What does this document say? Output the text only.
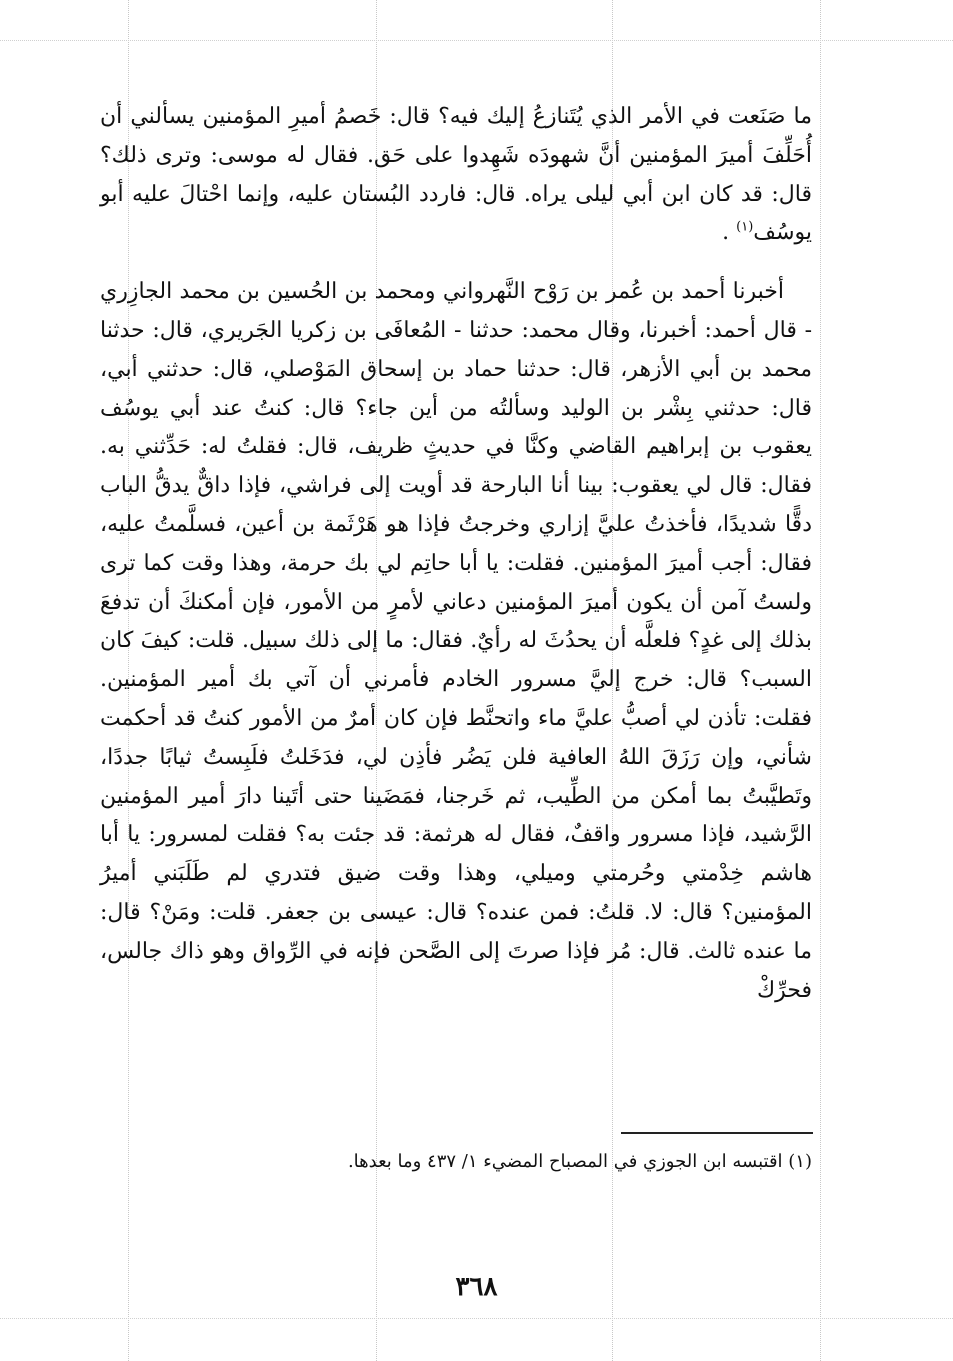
ما صَنَعت في الأمر الذي يُتَنازعُ إليك فيه؟ قال: خَصمُ أميرِ المؤمنين يسألني أن أُحَلِّفَ أميرَ المؤمنين أنَّ شهودَه شَهِدوا على حَق. فقال له موسى: وترى ذلك؟ قال: قد كان ابن أبي ليلى يراه. قال: فاردد البُستان عليه، وإنما احْتالَ عليه أبو يوسُف$^{(١)}$ .

أخبرنا أحمد بن عُمر بن رَوْح النَّهرواني ومحمد بن الحُسين بن محمد الجازِري - قال أحمد: أخبرنا، وقال محمد: حدثنا - المُعافَى بن زكريا الجَريري، قال: حدثنا محمد بن أبي الأزهر، قال: حدثنا حماد بن إسحاق المَوْصلي، قال: حدثني أبي، قال: حدثني بِشْر بن الوليد وسألتُه من أين جاء؟ قال: كنتُ عند أبي يوسُف يعقوب بن إبراهيم القاضي وكنَّا في حديثٍ ظريف، قال: فقلتُ له: حَدِّثني به. فقال: قال لي يعقوب: بينا أنا البارحة قد أويت إلى فراشي، فإذا داقٌّ يدقُّ الباب دقًّا شديدًا، فأخذتُ عليَّ إزاري وخرجتُ فإذا هو هَرْثَمة بن أعين، فسلَّمتُ عليه، فقال: أجب أميرَ المؤمنين. فقلت: يا أبا حاتِم لي بك حرمة، وهذا وقت كما ترى ولستُ آمن أن يكون أميرَ المؤمنين دعاني لأمرٍ من الأمور، فإن أمكنكَ أن تدفعَ بذلك إلى غدٍ؟ فلعلَّه أن يحدُثَ له رأيٌ. فقال: ما إلى ذلك سبيل. قلت: كيفَ كان السبب؟ قال: خرج إليَّ مسرور الخادم فأمرني أن آتي بك أمير المؤمنين. فقلت: تأذن لي أصبُّ عليَّ ماء واتحنَّط فإن كان أمرٌ من الأمور كنتُ قد أحكمت شأني، وإن رَزَقَ اللهُ العافية فلن يَضُر فأذِن لي، فدَخَلتُ فلَبِستُ ثيابًا جددًا، وتَطيَّبتُ بما أمكن من الطِّيب، ثم خَرجنا، فمَضَينا حتى أتَينا دارَ أمير المؤمنين الرَّشيد، فإذا مسرور واقفٌ، فقال له هرثمة: قد جئت به؟ فقلت لمسرور: يا أبا هاشم خِدْمتي وحُرمتي وميلي، وهذا وقت ضيق فتدري لم طَلَبَني أميرُ المؤمنين؟ قال: لا. قلتُ: فمن عنده؟ قال: عيسى بن جعفر. قلت: ومَنْ؟ قال: ما عنده ثالث. قال: مُر فإذا صرتَ إلى الصَّحن فإنه في الرِّواق وهو ذاك جالس، فحرِّكْ

(١) اقتبسه ابن الجوزي في المصباح المضيء ١/ ٤٣٧ وما بعدها.
٣٦٨
